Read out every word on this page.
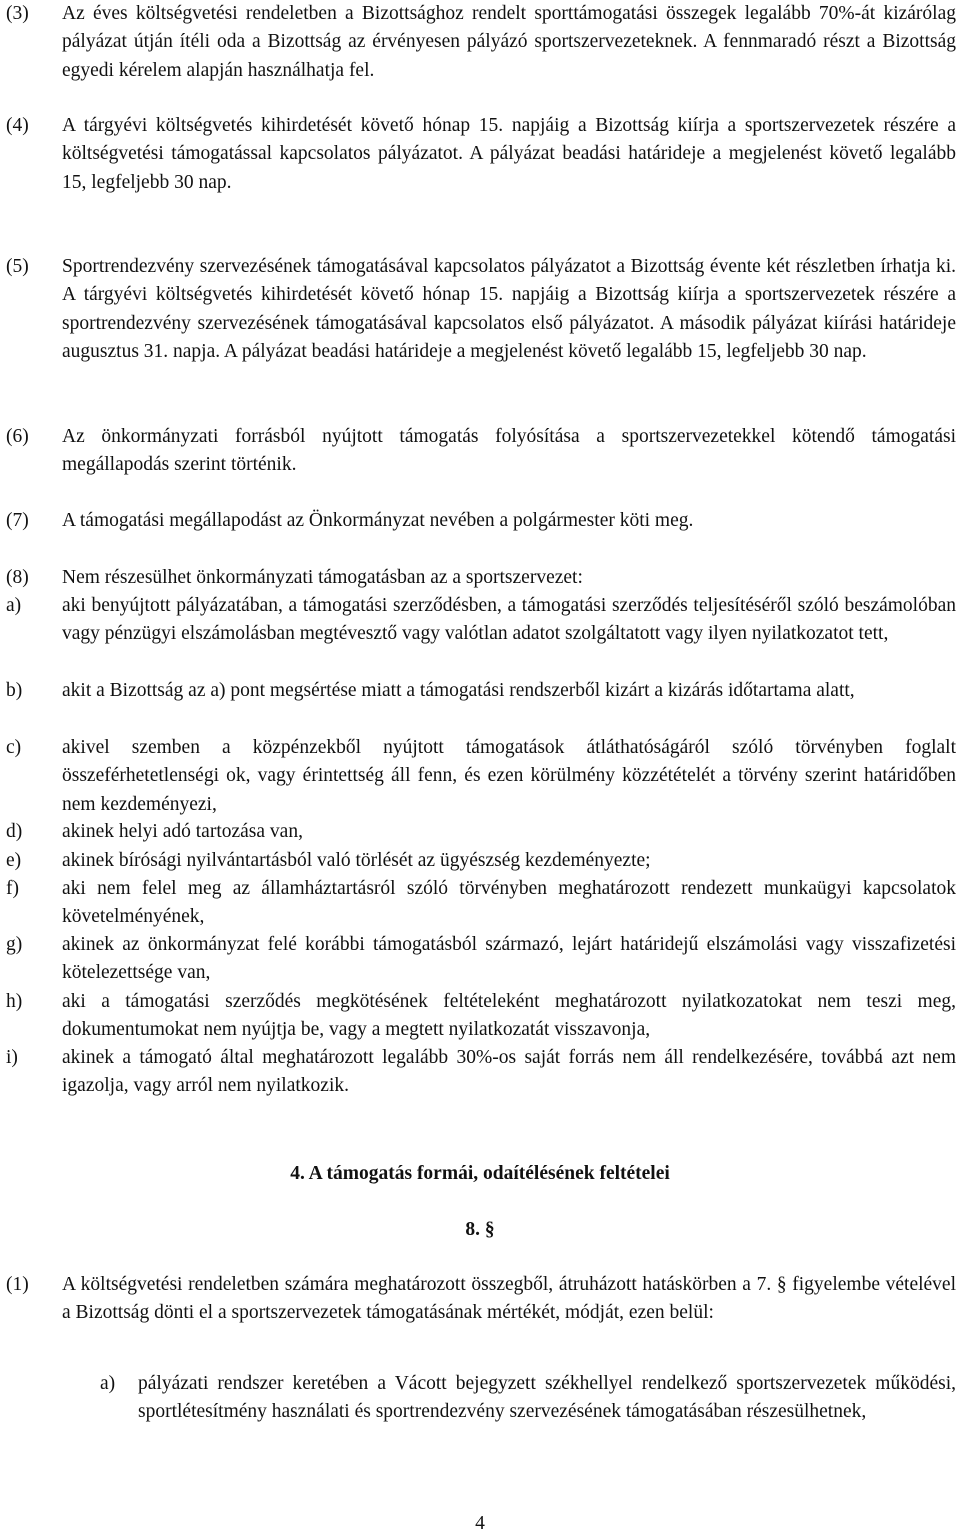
(3)	Az éves költségvetési rendeletben a Bizottsághoz rendelt sporttámogatási összegek legalább 70%-át kizárólag pályázat útján ítéli oda a Bizottság az érvényesen pályázó sportszervezeteknek. A fennmaradó részt a Bizottság egyedi kérelem alapján használhatja fel.
(4)	A tárgyévi költségvetés kihirdetését követő hónap 15. napjáig a Bizottság kiírja a sportszervezetek részére a költségvetési támogatással kapcsolatos pályázatot. A pályázat beadási határideje a megjelenést követő legalább 15, legfeljebb 30 nap.
(5)	Sportrendezvény szervezésének támogatásával kapcsolatos pályázatot a Bizottság évente két részletben írhatja ki. A tárgyévi költségvetés kihirdetését követő hónap 15. napjáig a Bizottság kiírja a sportszervezetek részére a sportrendezvény szervezésének támogatásával kapcsolatos első pályázatot. A második pályázat kiírási határideje augusztus 31. napja. A pályázat beadási határideje a megjelenést követő legalább 15, legfeljebb 30 nap.
(6)	Az önkormányzati forrásból nyújtott támogatás folyósítása a sportszervezetekkel kötendő támogatási megállapodás szerint történik.
(7)	A támogatási megállapodást az Önkormányzat nevében a polgármester köti meg.
(8)	Nem részesülhet önkormányzati támogatásban az a sportszervezet:
a)	aki benyújtott pályázatában, a támogatási szerződésben, a támogatási szerződés teljesítéséről szóló beszámolóban vagy pénzügyi elszámolásban megtévesztő vagy valótlan adatot szolgáltatott vagy ilyen nyilatkozatot tett,
b)	akit a Bizottság az a) pont megsértése miatt a támogatási rendszerből kizárt a kizárás időtartama alatt,
c)	akivel szemben a közpénzekből nyújtott támogatások átláthatóságáról szóló törvényben foglalt összeférhetetlenségi ok, vagy érintettség áll fenn, és ezen körülmény közzétételét a törvény szerint határidőben nem kezdeményezi,
d)	akinek helyi adó tartozása van,
e)	akinek bírósági nyilvántartásból való törlését az ügyészség kezdeményezte;
f)	aki nem felel meg az államháztartásról szóló törvényben meghatározott rendezett munkaügyi kapcsolatok követelményének,
g)	akinek az önkormányzat felé korábbi támogatásból származó, lejárt határidejű elszámolási vagy visszafizetési kötelezettsége van,
h)	aki a támogatási szerződés megkötésének feltételeként meghatározott nyilatkozatokat nem teszi meg, dokumentumokat nem nyújtja be, vagy a megtett nyilatkozatát visszavonja,
i)	akinek a támogató által meghatározott legalább 30%-os saját forrás nem áll rendelkezésére, továbbá azt nem igazolja, vagy arról nem nyilatkozik.
4. A támogatás formái, odaítélésének feltételei
8. §
(1)	A költségvetési rendeletben számára meghatározott összegből, átruházott hatáskörben a 7. § figyelembe vételével a Bizottság dönti el a sportszervezetek támogatásának mértékét, módját, ezen belül:
a)	pályázati rendszer keretében a Vácott bejegyzett székhellyel rendelkező sportszervezetek működési, sportlétesítmény használati és sportrendezvény szervezésének támogatásában részesülhetnek,
4
